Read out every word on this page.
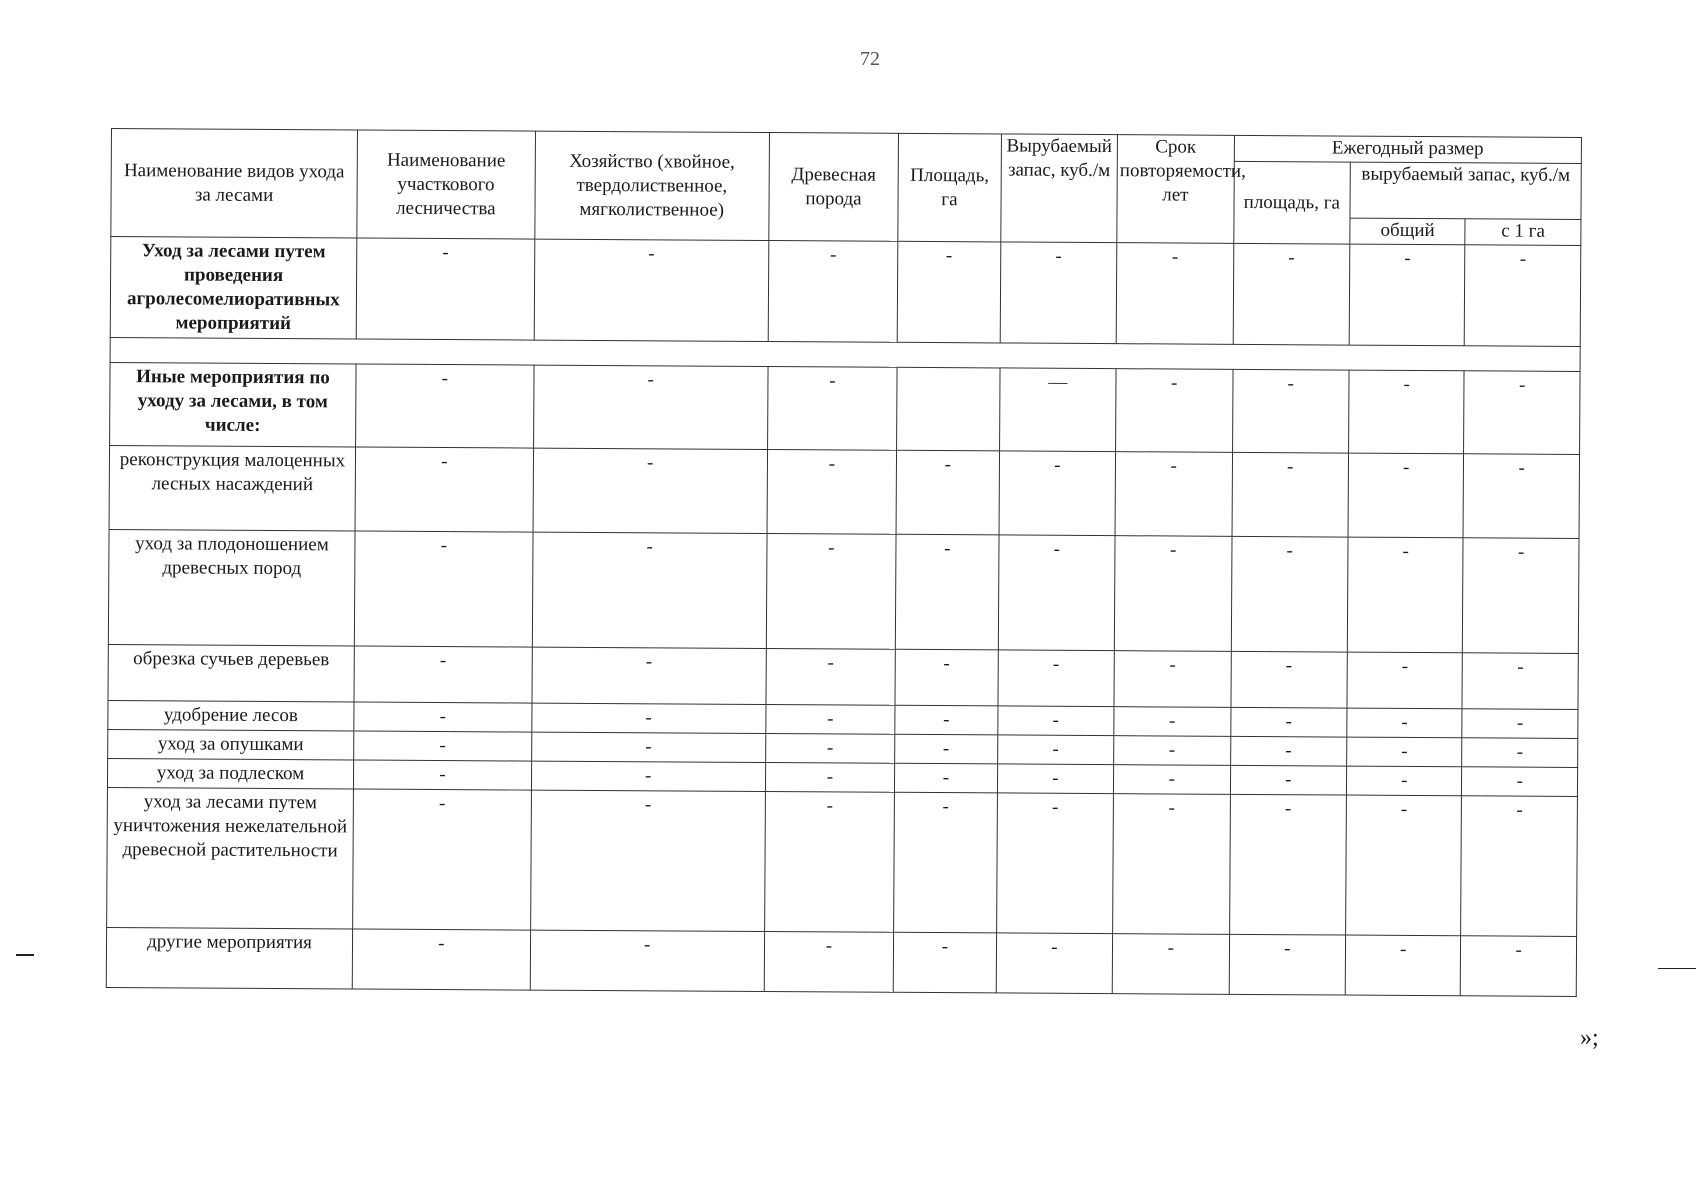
72
Наименование видов ухода за лесами	Наименование участкового лесничества	Хозяйство (хвойное, твердолиственное, мягколиственное)	Древесная порода	Площадь, га	Вырубаемый запас, куб./м	Срок повторяемости, лет	Ежегодный размер		
							площадь, га	вырубаемый запас, куб./м	
								общий	с 1 га
Уход за лесами путем проведения агролесомелиоративных мероприятий	-	-	-	-	-	-	-	-	-

Иные мероприятия по уходу за лесами, в том числе:	-	-	-		—	-	-	-	-
реконструкция малоценных лесных насаждений	-	-	-	-	-	-	-	-	-
уход за плодоношением древесных пород	-	-	-	-	-	-	-	-	-
обрезка сучьев деревьев	-	-	-	-	-	-	-	-	-
удобрение лесов	-	-	-	-	-	-	-	-	-
уход за опушками	-	-	-	-	-	-	-	-	-
уход за подлеском	-	-	-	-	-	-	-	-	-
уход за лесами путем уничтожения нежелательной древесной растительности	-	-	-	-	-	-	-	-	-
другие мероприятия	-	-	-	-	-	-	-	-	-
»;
